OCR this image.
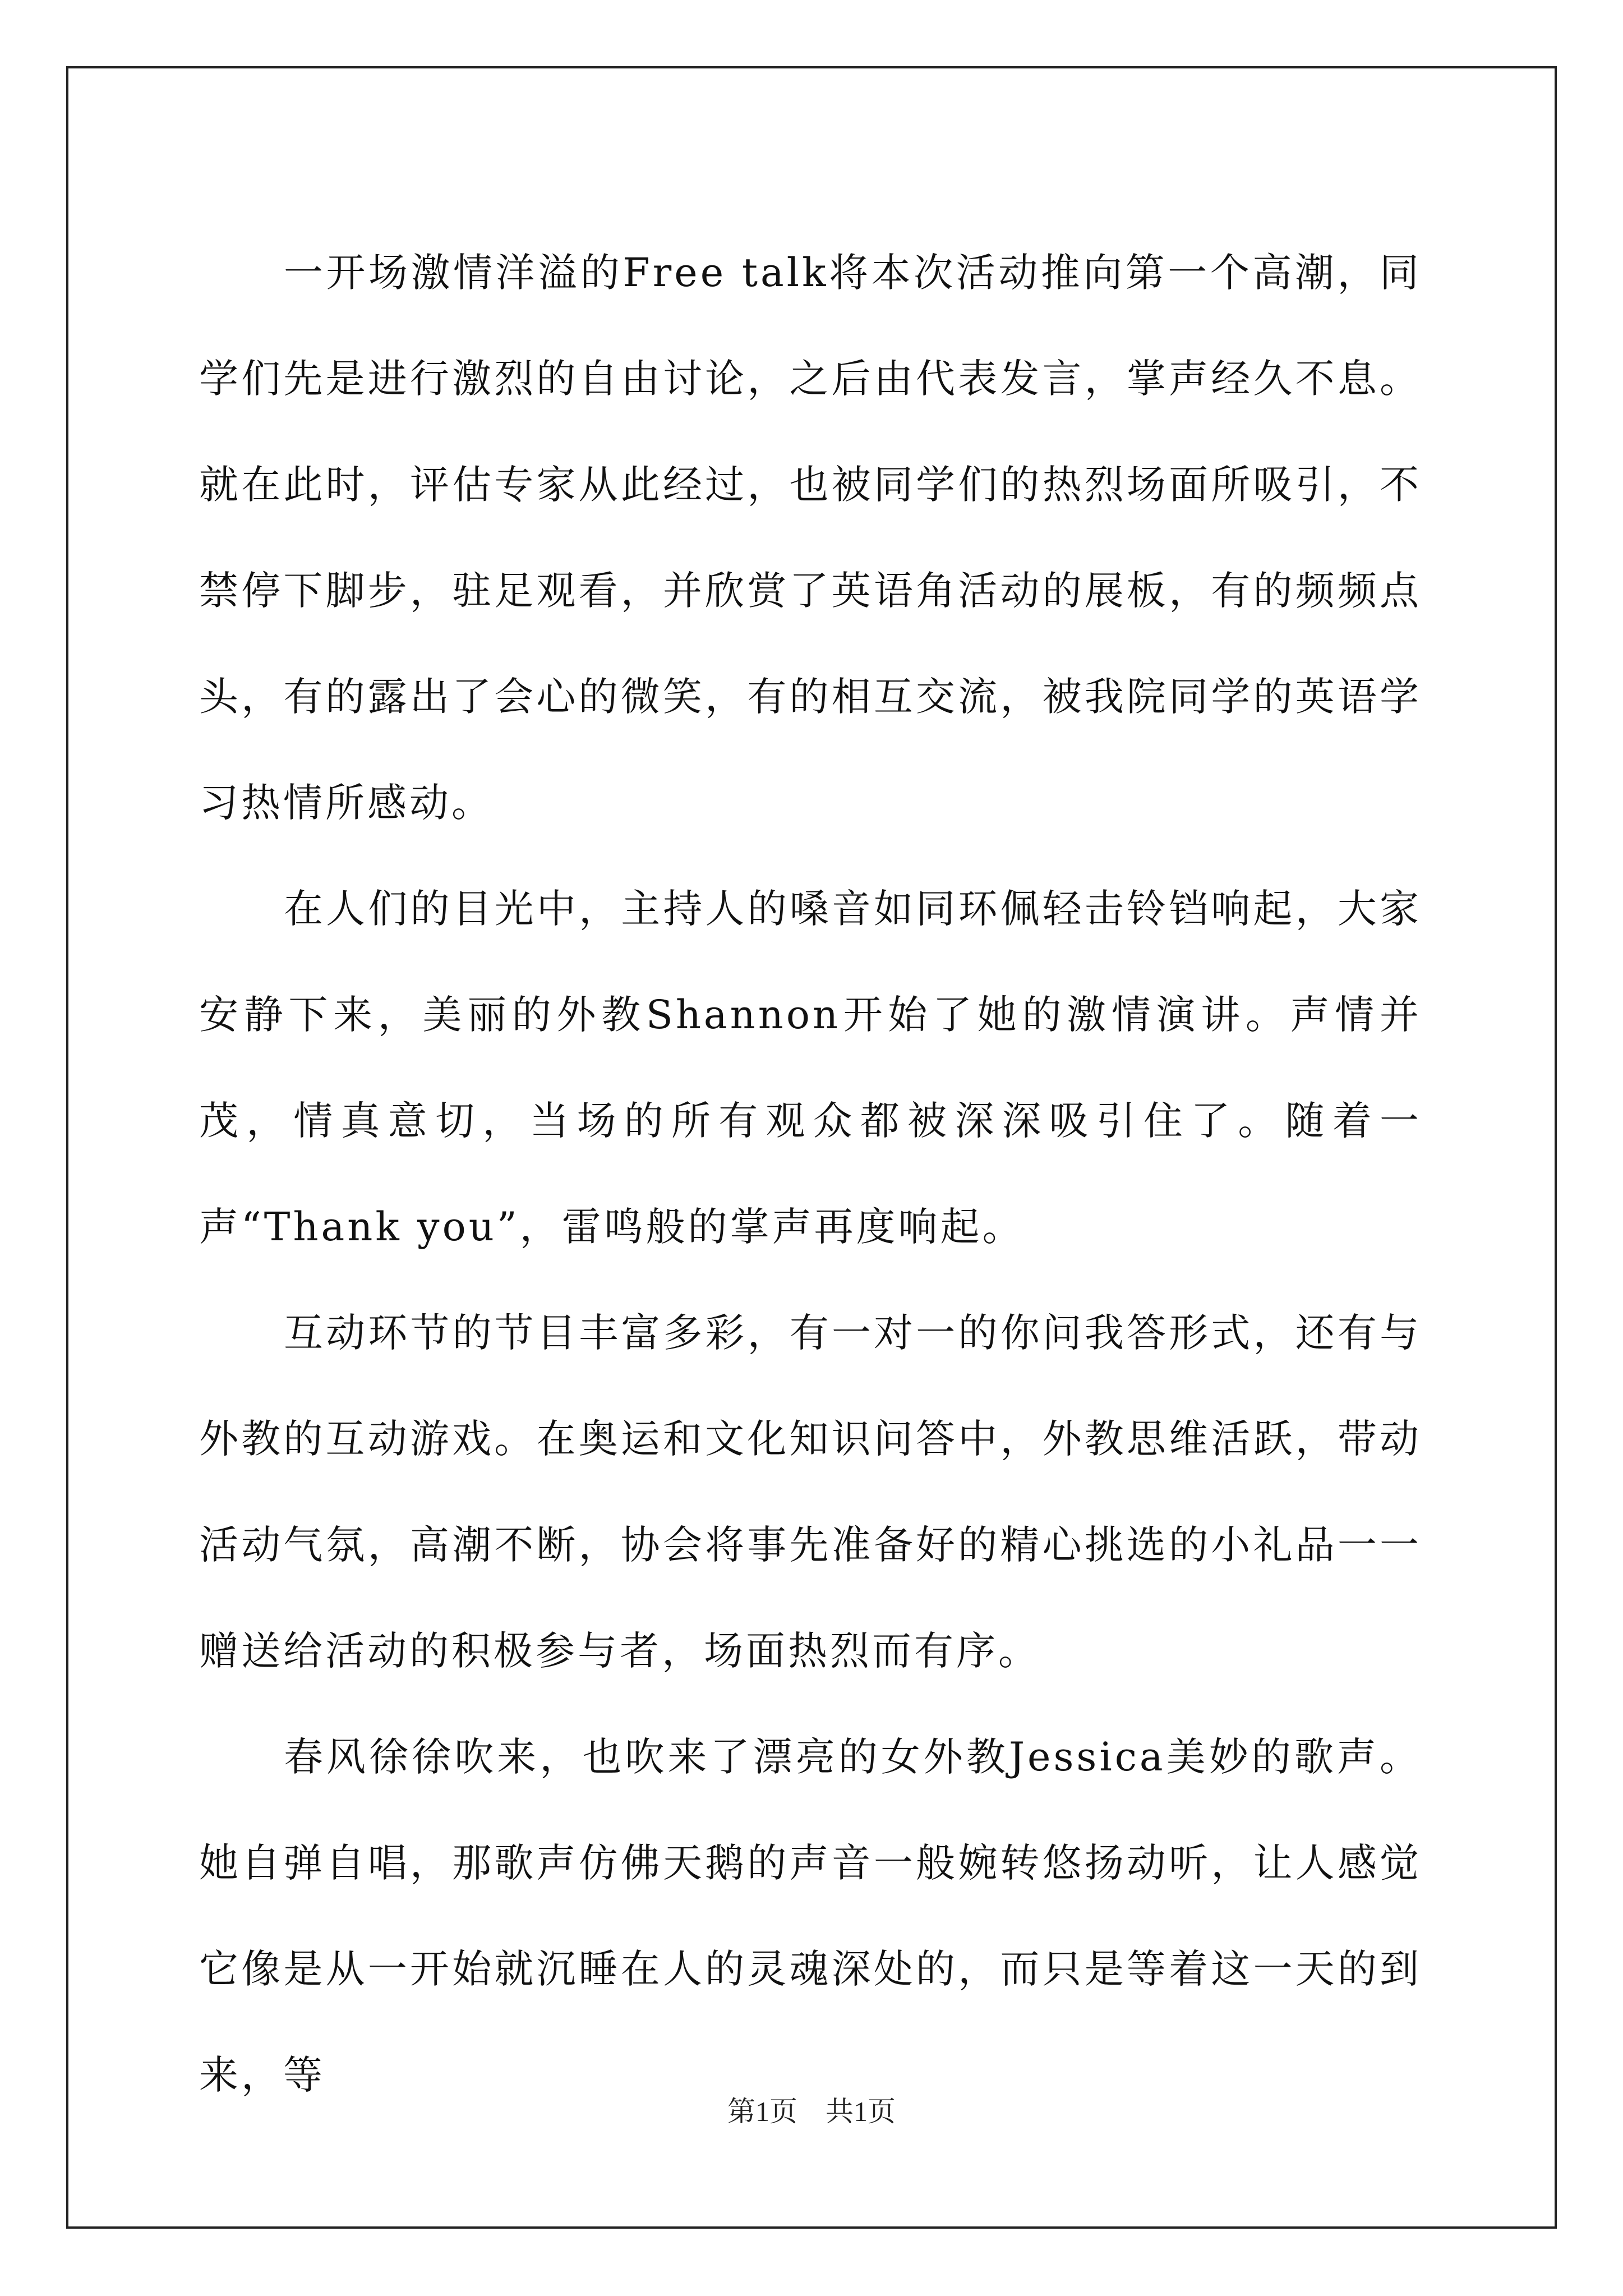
一开场激情洋溢的Free talk将本次活动推向第一个高潮，同学们先是进行激烈的自由讨论，之后由代表发言，掌声经久不息。就在此时，评估专家从此经过，也被同学们的热烈场面所吸引，不禁停下脚步，驻足观看，并欣赏了英语角活动的展板，有的频频点头，有的露出了会心的微笑，有的相互交流，被我院同学的英语学习热情所感动。

在人们的目光中，主持人的嗓音如同环佩轻击铃铛响起，大家安静下来，美丽的外教Shannon开始了她的激情演讲。声情并茂，情真意切，当场的所有观众都被深深吸引住了。随着一声“Thank you”，雷鸣般的掌声再度响起。

互动环节的节目丰富多彩，有一对一的你问我答形式，还有与外教的互动游戏。在奥运和文化知识问答中，外教思维活跃，带动活动气氛，高潮不断，协会将事先准备好的精心挑选的小礼品一一赠送给活动的积极参与者，场面热烈而有序。

春风徐徐吹来，也吹来了漂亮的女外教Jessica美妙的歌声。她自弹自唱，那歌声仿佛天鹅的声音一般婉转悠扬动听，让人感觉它像是从一开始就沉睡在人的灵魂深处的，而只是等着这一天的到来，等

第1页　共1页
